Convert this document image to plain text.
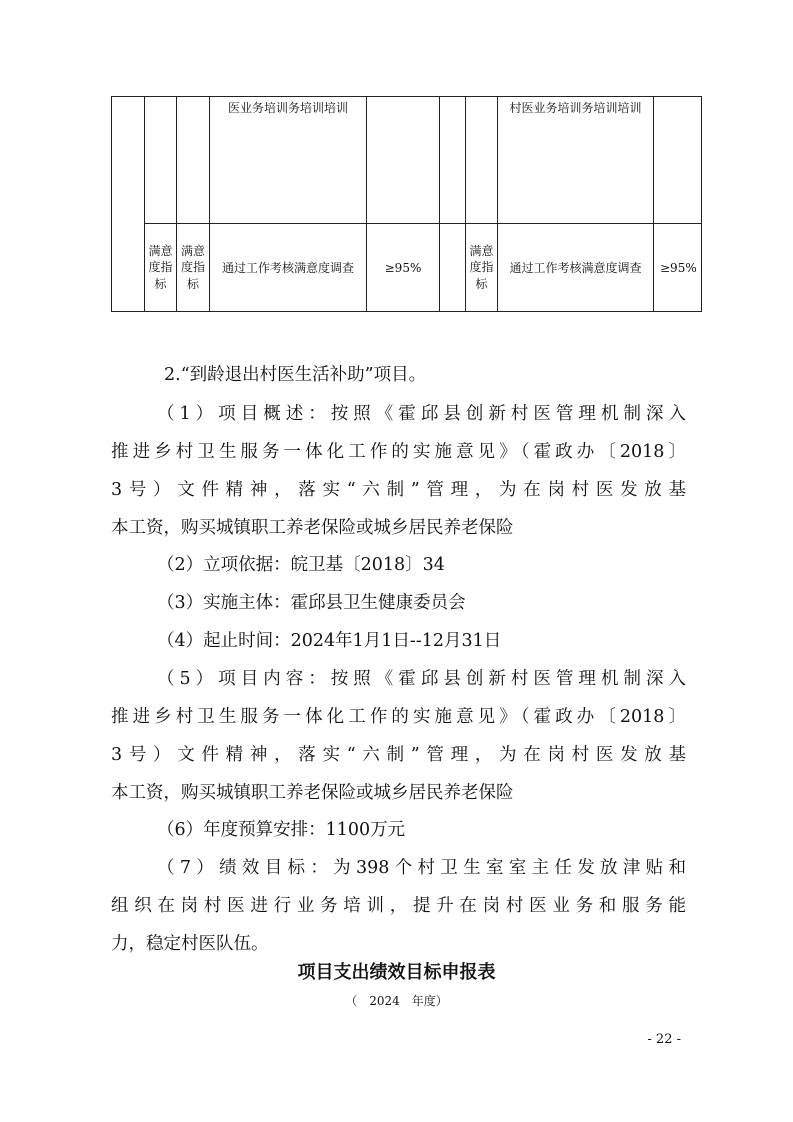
			医业务培训务培训培训				村医业务培训务培训培训	
	满意度指标	满意度指标	通过工作考核满意度调查	≥95%		满意度指标	通过工作考核满意度调查	≥95%
2.“到龄退出村医生活补助”项目。
（1）项目概述：按照《霍邱县创新村医管理机制深入
推进乡村卫生服务一体化工作的实施意见》（霍政办〔2018〕
3号）文件精神，落实“六制”管理，为在岗村医发放基
本工资，购买城镇职工养老保险或城乡居民养老保险
（2）立项依据：皖卫基〔2018〕34
（3）实施主体：霍邱县卫生健康委员会
（4）起止时间：2024年1月1日--12月31日
（5）项目内容：按照《霍邱县创新村医管理机制深入
推进乡村卫生服务一体化工作的实施意见》（霍政办〔2018〕
3号）文件精神，落实“六制”管理，为在岗村医发放基
本工资，购买城镇职工养老保险或城乡居民养老保险
（6）年度预算安排：1100万元
（7）绩效目标：为398个村卫生室室主任发放津贴和
组织在岗村医进行业务培训，提升在岗村医业务和服务能
力，稳定村医队伍。
项目支出绩效目标申报表
（　2024　年度）
- 22 -
